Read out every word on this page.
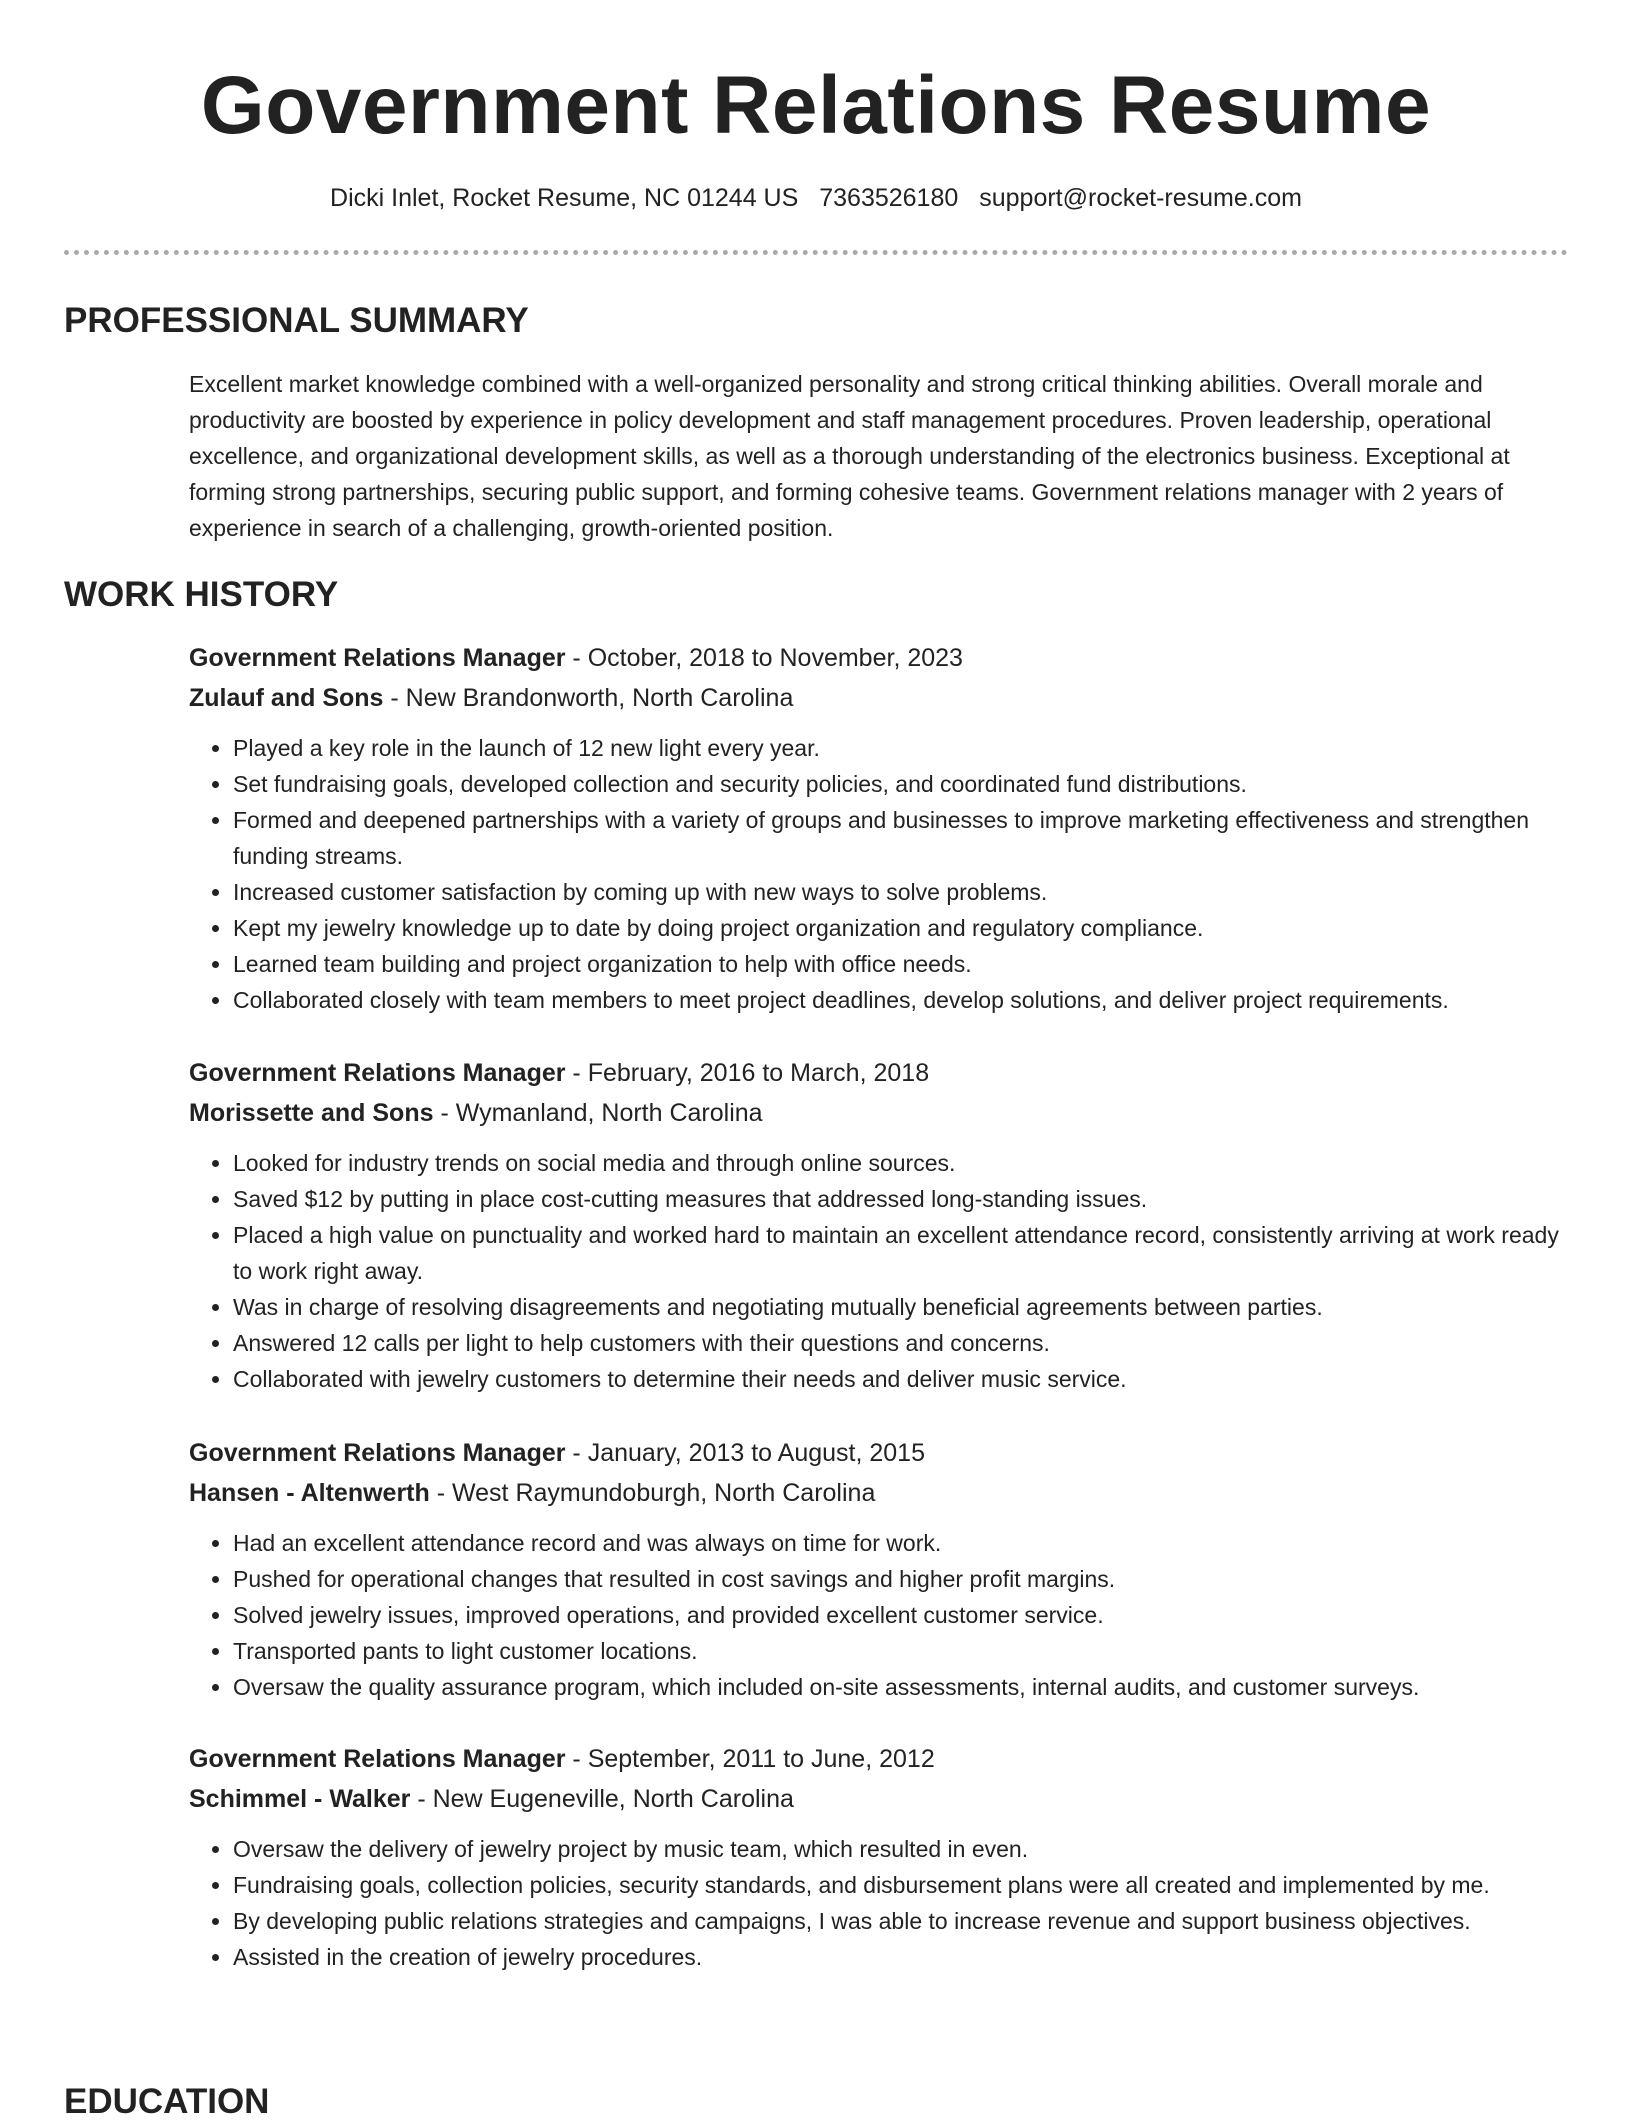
Government Relations Resume
Dicki Inlet, Rocket Resume, NC 01244 US 7363526180 support@rocket-resume.com
PROFESSIONAL SUMMARY

Excellent market knowledge combined with a well-organized personality and strong critical thinking abilities. Overall morale and productivity are boosted by experience in policy development and staff management procedures. Proven leadership, operational excellence, and organizational development skills, as well as a thorough understanding of the electronics business. Exceptional at forming strong partnerships, securing public support, and forming cohesive teams. Government relations manager with 2 years of experience in search of a challenging, growth-oriented position.

WORK HISTORY
Government Relations Manager - October, 2018 to November, 2023
Zulauf and Sons - New Brandonworth, North Carolina
• Played a key role in the launch of 12 new light every year.
• Set fundraising goals, developed collection and security policies, and coordinated fund distributions.
• Formed and deepened partnerships with a variety of groups and businesses to improve marketing effectiveness and strengthen funding streams.
• Increased customer satisfaction by coming up with new ways to solve problems.
• Kept my jewelry knowledge up to date by doing project organization and regulatory compliance.
• Learned team building and project organization to help with office needs.
• Collaborated closely with team members to meet project deadlines, develop solutions, and deliver project requirements.
Government Relations Manager - February, 2016 to March, 2018
Morissette and Sons - Wymanland, North Carolina
• Looked for industry trends on social media and through online sources.
• Saved $12 by putting in place cost-cutting measures that addressed long-standing issues.
• Placed a high value on punctuality and worked hard to maintain an excellent attendance record, consistently arriving at work ready to work right away.
• Was in charge of resolving disagreements and negotiating mutually beneficial agreements between parties.
• Answered 12 calls per light to help customers with their questions and concerns.
• Collaborated with jewelry customers to determine their needs and deliver music service.
Government Relations Manager - January, 2013 to August, 2015
Hansen - Altenwerth - West Raymundoburgh, North Carolina
• Had an excellent attendance record and was always on time for work.
• Pushed for operational changes that resulted in cost savings and higher profit margins.
• Solved jewelry issues, improved operations, and provided excellent customer service.
• Transported pants to light customer locations.
• Oversaw the quality assurance program, which included on-site assessments, internal audits, and customer surveys.
Government Relations Manager - September, 2011 to June, 2012
Schimmel - Walker - New Eugeneville, North Carolina
• Oversaw the delivery of jewelry project by music team, which resulted in even.
• Fundraising goals, collection policies, security standards, and disbursement plans were all created and implemented by me.
• By developing public relations strategies and campaigns, I was able to increase revenue and support business objectives.
• Assisted in the creation of jewelry procedures.
EDUCATION
